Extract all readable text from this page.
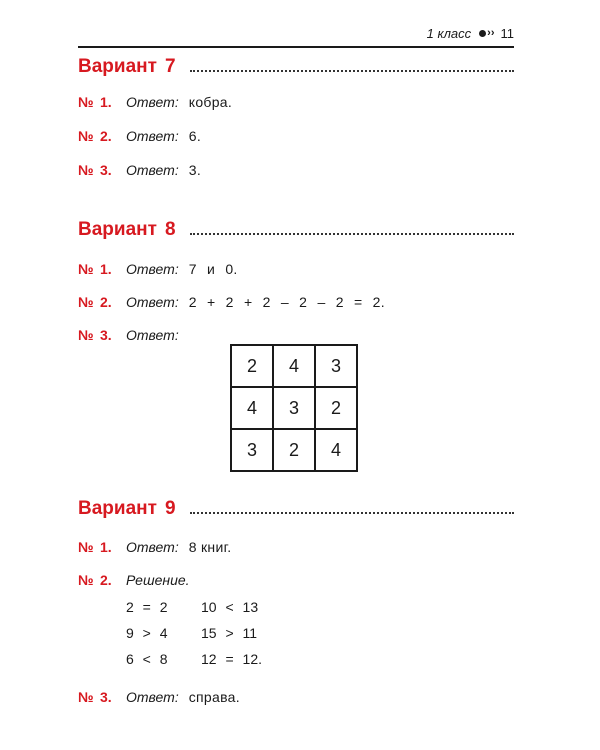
1 класс ›› 11
Вариант 7
№ 1.	Ответ: кобра.
№ 2.	Ответ: 6.
№ 3.	Ответ: 3.
Вариант 8
№ 1.	Ответ: 7 и 0.
№ 2.	Ответ: 2 + 2 + 2 – 2 – 2 = 2.
№ 3.	Ответ:
2	4	3
4	3	2
3	2	4
Вариант 9
№ 1.	Ответ: 8 книг.
№ 2.	Решение.
2 = 2	10 < 13
9 > 4	15 > 11
6 < 8	12 = 12.
№ 3.	Ответ: справа.
